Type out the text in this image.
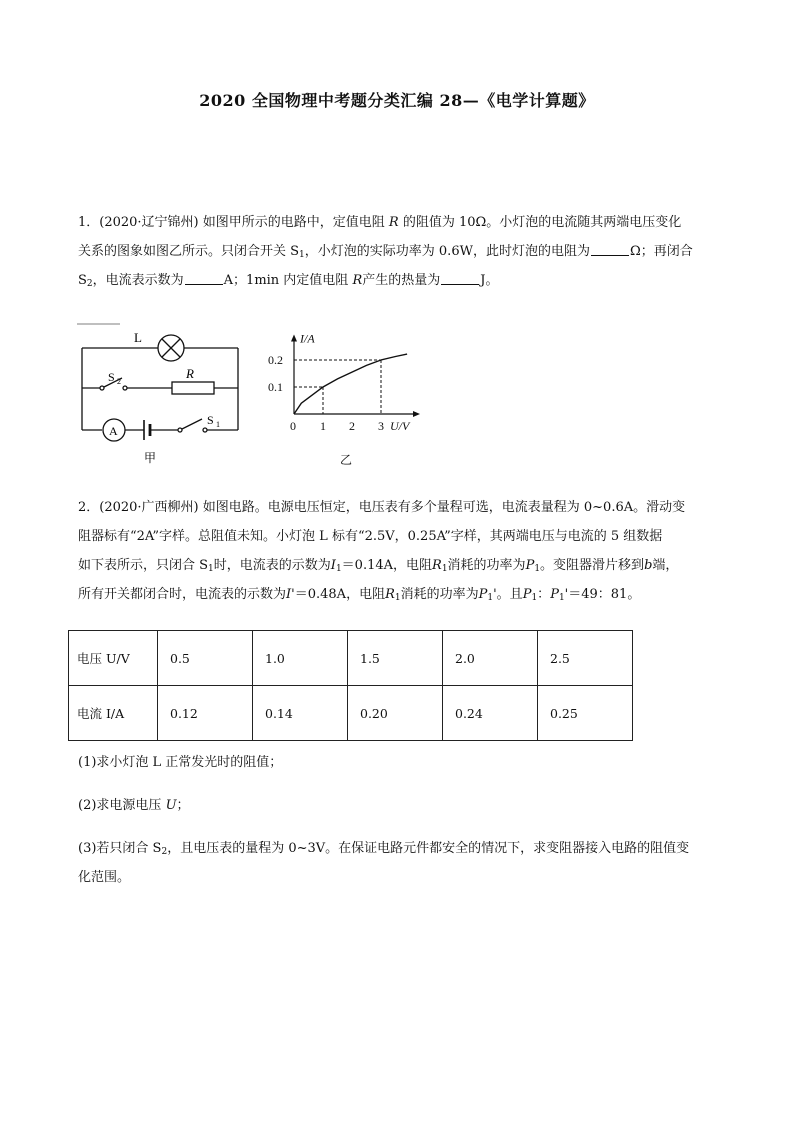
2020 全国物理中考题分类汇编 28—《电学计算题》
1．(2020·辽宁锦州) 如图甲所示的电路中，定值电阻 R 的阻值为 10Ω。小灯泡的电流随其两端电压变化
关系的图象如图乙所示。只闭合开关 $S_1$，小灯泡的实际功率为 0.6W，此时灯泡的电阻为	Ω；再闭合
$S_2$，电流表示数为	A；1min 内定值电阻 R产生的热量为	J。
L
S 2
R
A
S 1
甲
I/A
U/V
0 1 2 3
0.1
0.2
乙
2．(2020·广西柳州) 如图电路。电源电压恒定，电压表有多个量程可选，电流表量程为 0~0.6A。滑动变
阻器标有“2A”字样。总阻值未知。小灯泡 L 标有“2.5V，0.25A”字样，其两端电压与电流的 5 组数据
如下表所示，只闭合 $S_1$时，电流表的示数为$I_1=0.14A$，电阻$R_1$消耗的功率为$P_1$。变阻器滑片移到b端，
所有开关都闭合时，电流表的示数为I'＝0.48A，电阻$R_1$消耗的功率为$P_1'$。且$P_1$：$P_1'=49$：81。
电压 U/V	0.5	1.0	1.5	2.0	2.5
电流 I/A	0.12	0.14	0.20	0.24	0.25
(1)求小灯泡 L 正常发光时的阻值；
(2)求电源电压 U；
(3)若只闭合 $S_2$，且电压表的量程为 0~3V。在保证电路元件都安全的情况下，求变阻器接入电路的阻值变
化范围。
